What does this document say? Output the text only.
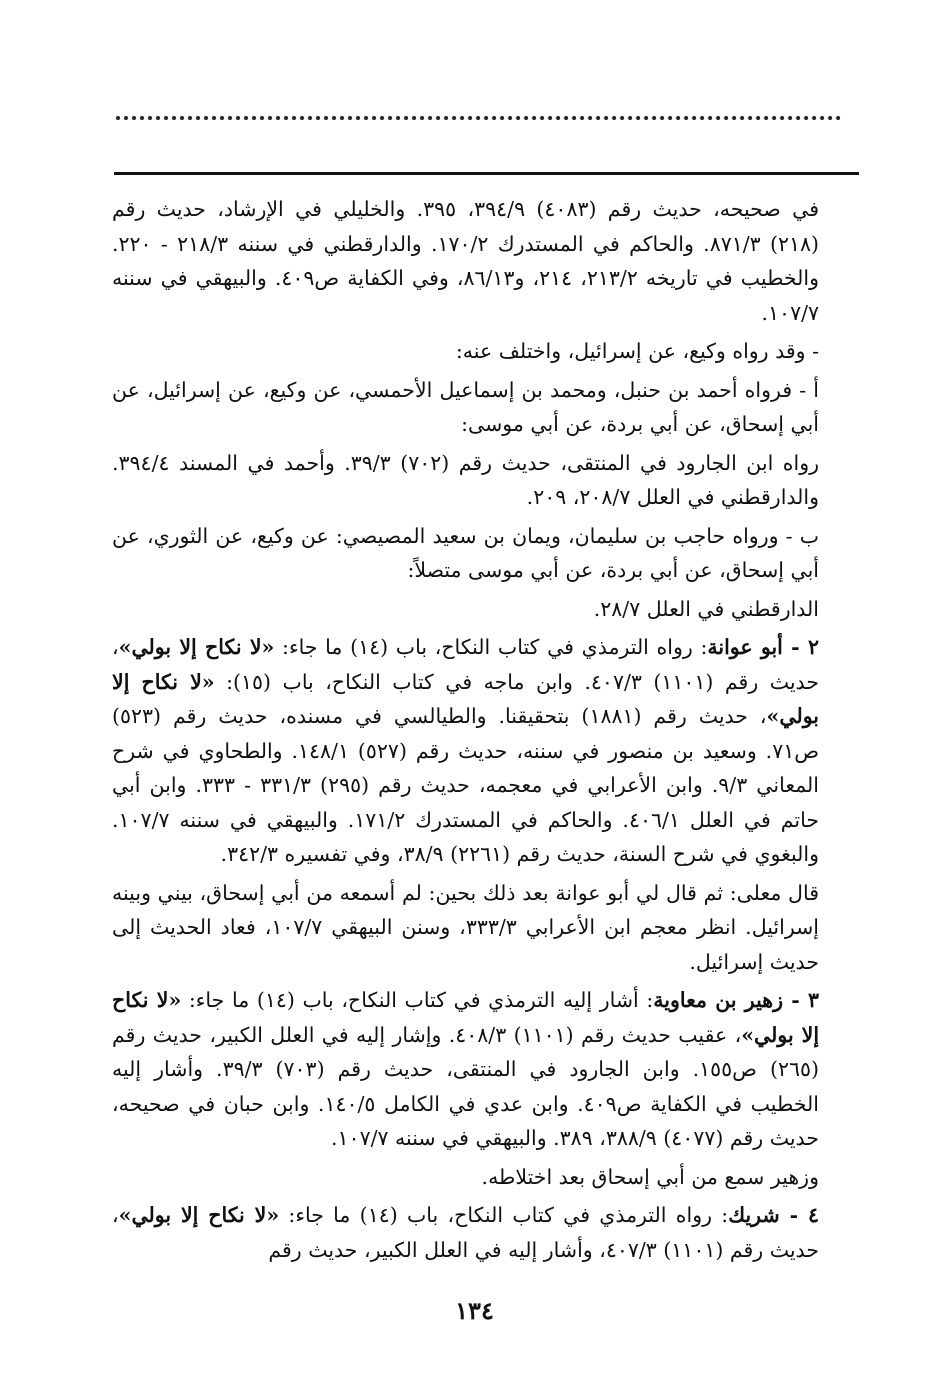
في صحيحه، حديث رقم (٤٠٨٣) ٣٩٤/٩، ٣٩٥. والخليلي في الإرشاد، حديث رقم (٢١٨) ٨٧١/٣. والحاكم في المستدرك ١٧٠/٢. والدارقطني في سننه ٢١٨/٣ - ٢٢٠. والخطيب في تاريخه ٢١٣/٢، ٢١٤، و٨٦/١٣، وفي الكفاية ص٤٠٩. والبيهقي في سننه ١٠٧/٧.
- وقد رواه وكيع، عن إسرائيل، واختلف عنه:
أ - فرواه أحمد بن حنبل، ومحمد بن إسماعيل الأحمسي، عن وكيع، عن إسرائيل، عن أبي إسحاق، عن أبي بردة، عن أبي موسى:
رواه ابن الجارود في المنتقى، حديث رقم (٧٠٢) ٣٩/٣. وأحمد في المسند ٣٩٤/٤. والدارقطني في العلل ٢٠٨/٧، ٢٠٩.
ب - ورواه حاجب بن سليمان، ويمان بن سعيد المصيصي: عن وكيع، عن الثوري، عن أبي إسحاق، عن أبي بردة، عن أبي موسى متصلاً:
الدارقطني في العلل ٢٨/٧.
٢ - أبو عوانة: رواه الترمذي في كتاب النكاح، باب (١٤) ما جاء: «لا نكاح إلا بولي»، حديث رقم (١١٠١) ٤٠٧/٣. وابن ماجه في كتاب النكاح، باب (١٥): «لا نكاح إلا بولي»، حديث رقم (١٨٨١) بتحقيقنا. والطيالسي في مسنده، حديث رقم (٥٢٣) ص٧١. وسعيد بن منصور في سننه، حديث رقم (٥٢٧) ١٤٨/١. والطحاوي في شرح المعاني ٩/٣. وابن الأعرابي في معجمه، حديث رقم (٢٩٥) ٣٣١/٣ - ٣٣٣. وابن أبي حاتم في العلل ٤٠٦/١. والحاكم في المستدرك ١٧١/٢. والبيهقي في سننه ١٠٧/٧. والبغوي في شرح السنة، حديث رقم (٢٢٦١) ٣٨/٩، وفي تفسيره ٣٤٢/٣.
قال معلى: ثم قال لي أبو عوانة بعد ذلك بحين: لم أسمعه من أبي إسحاق، بيني وبينه إسرائيل. انظر معجم ابن الأعرابي ٣٣٣/٣، وسنن البيهقي ١٠٧/٧، فعاد الحديث إلى حديث إسرائيل.
٣ - زهير بن معاوية: أشار إليه الترمذي في كتاب النكاح، باب (١٤) ما جاء: «لا نكاح إلا بولي»، عقيب حديث رقم (١١٠١) ٤٠٨/٣. وإشار إليه في العلل الكبير، حديث رقم (٢٦٥) ص١٥٥. وابن الجارود في المنتقى، حديث رقم (٧٠٣) ٣٩/٣. وأشار إليه الخطيب في الكفاية ص٤٠٩. وابن عدي في الكامل ١٤٠/٥. وابن حبان في صحيحه، حديث رقم (٤٠٧٧) ٣٨٨/٩، ٣٨٩. والبيهقي في سننه ١٠٧/٧.
وزهير سمع من أبي إسحاق بعد اختلاطه.
٤ - شريك: رواه الترمذي في كتاب النكاح، باب (١٤) ما جاء: «لا نكاح إلا بولي»، حديث رقم (١١٠١) ٤٠٧/٣، وأشار إليه في العلل الكبير، حديث رقم
١٣٤
